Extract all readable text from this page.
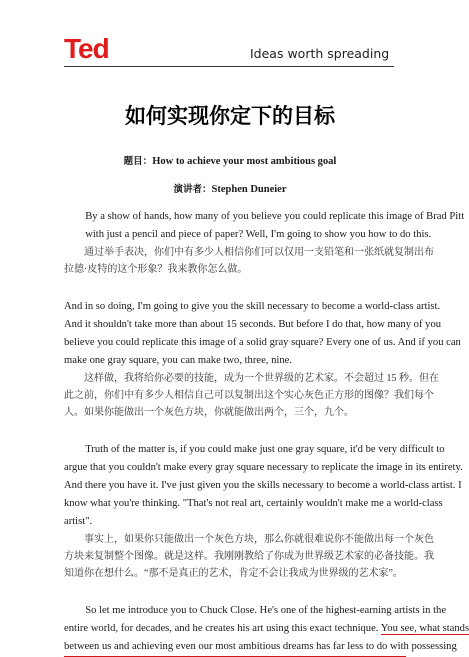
Ted	Ideas worth spreading
如何实现你定下的目标
题目：How to achieve your most ambitious goal
演讲者：Stephen Duneier

By a show of hands, how many of you believe you could replicate this image of Brad Pitt
with just a pencil and piece of paper? Well, I'm going to show you how to do this.

通过举手表决，你们中有多少人相信你们可以仅用一支铅笔和一张纸就复制出布
拉德·皮特的这个形象？我来教你怎么做。

And in so doing, I'm going to give you the skill necessary to become a world-class artist.
And it shouldn't take more than about 15 seconds. But before I do that, how many of you
believe you could replicate this image of a solid gray square? Every one of us. And if you can
make one gray square, you can make two, three, nine.

这样做，我将给你必要的技能，成为一个世界级的艺术家。不会超过 15 秒。但在
此之前，你们中有多少人相信自己可以复制出这个实心灰色正方形的图像？我们每个
人。如果你能做出一个灰色方块，你就能做出两个，三个，九个。

Truth of the matter is, if you could make just one gray square, it'd be very difficult to
argue that you couldn't make every gray square necessary to replicate the image in its entirety.
And there you have it. I've just given you the skills necessary to become a world-class artist. I
know what you're thinking. "That's not real art, certainly wouldn't make me a world-class
artist".

事实上，如果你只能做出一个灰色方块，那么你就很难说你不能做出每一个灰色
方块来复制整个图像。就是这样。我刚刚教给了你成为世界级艺术家的必备技能。我
知道你在想什么。“那不是真正的艺术，肯定不会让我成为世界级的艺术家”。

So let me introduce you to Chuck Close. He's one of the highest-earning artists in the
entire world, for decades, and he creates his art using this exact technique. You see, what stands
between us and achieving even our most ambitious dreams has far less to do with possessing
